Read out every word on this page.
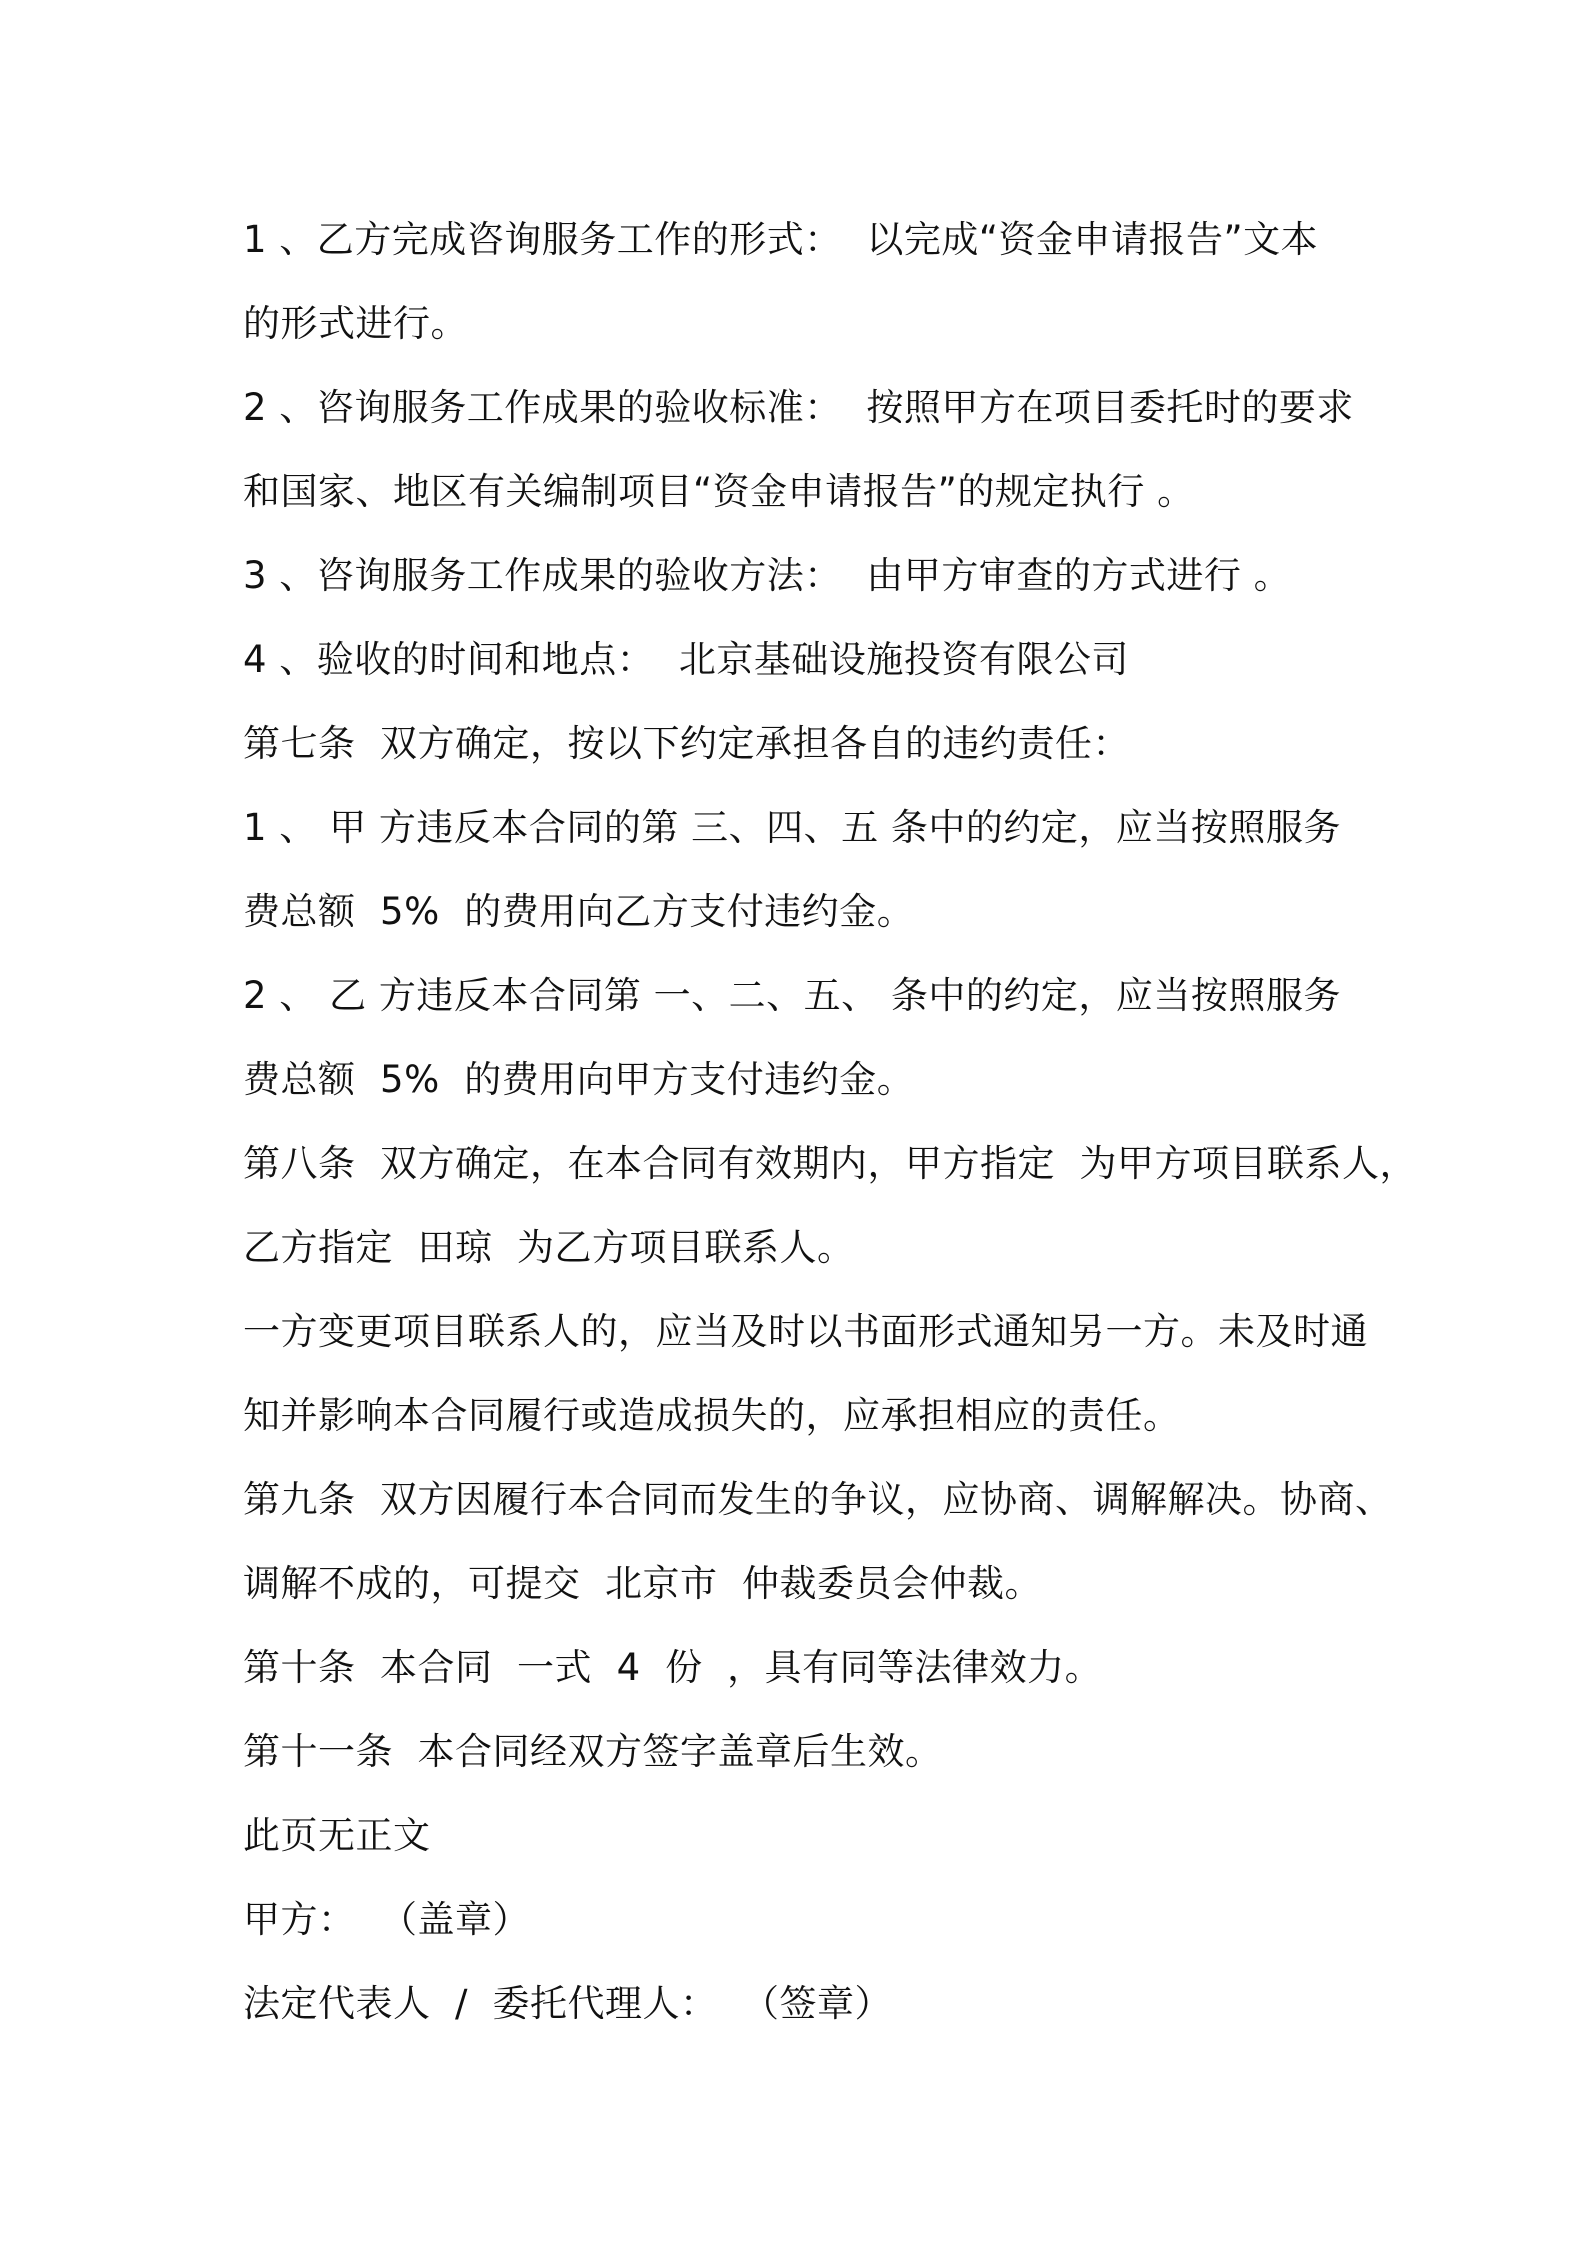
1 、乙方完成咨询服务工作的形式：  以完成“资金申请报告”文本
的形式进行。
2 、咨询服务工作成果的验收标准：  按照甲方在项目委托时的要求
和国家、地区有关编制项目“资金申请报告”的规定执行 。
3 、咨询服务工作成果的验收方法：  由甲方审查的方式进行 。
4 、验收的时间和地点：  北京基础设施投资有限公司
第七条  双方确定，按以下约定承担各自的违约责任：
1 、 甲 方违反本合同的第 三、四、五 条中的约定，应当按照服务
费总额  5%  的费用向乙方支付违约金。
2 、 乙 方违反本合同第 一、二、五、 条中的约定，应当按照服务
费总额  5%  的费用向甲方支付违约金。
第八条  双方确定，在本合同有效期内，甲方指定  为甲方项目联系人，
乙方指定  田琼  为乙方项目联系人。
一方变更项目联系人的，应当及时以书面形式通知另一方。未及时通
知并影响本合同履行或造成损失的，应承担相应的责任。
第九条  双方因履行本合同而发生的争议，应协商、调解解决。协商、
调解不成的，可提交  北京市  仲裁委员会仲裁。
第十条  本合同  一式  4  份  ，具有同等法律效力。
第十一条  本合同经双方签字盖章后生效。
此页无正文
甲方：  （盖章）
法定代表人  /  委托代理人：  （签章）
